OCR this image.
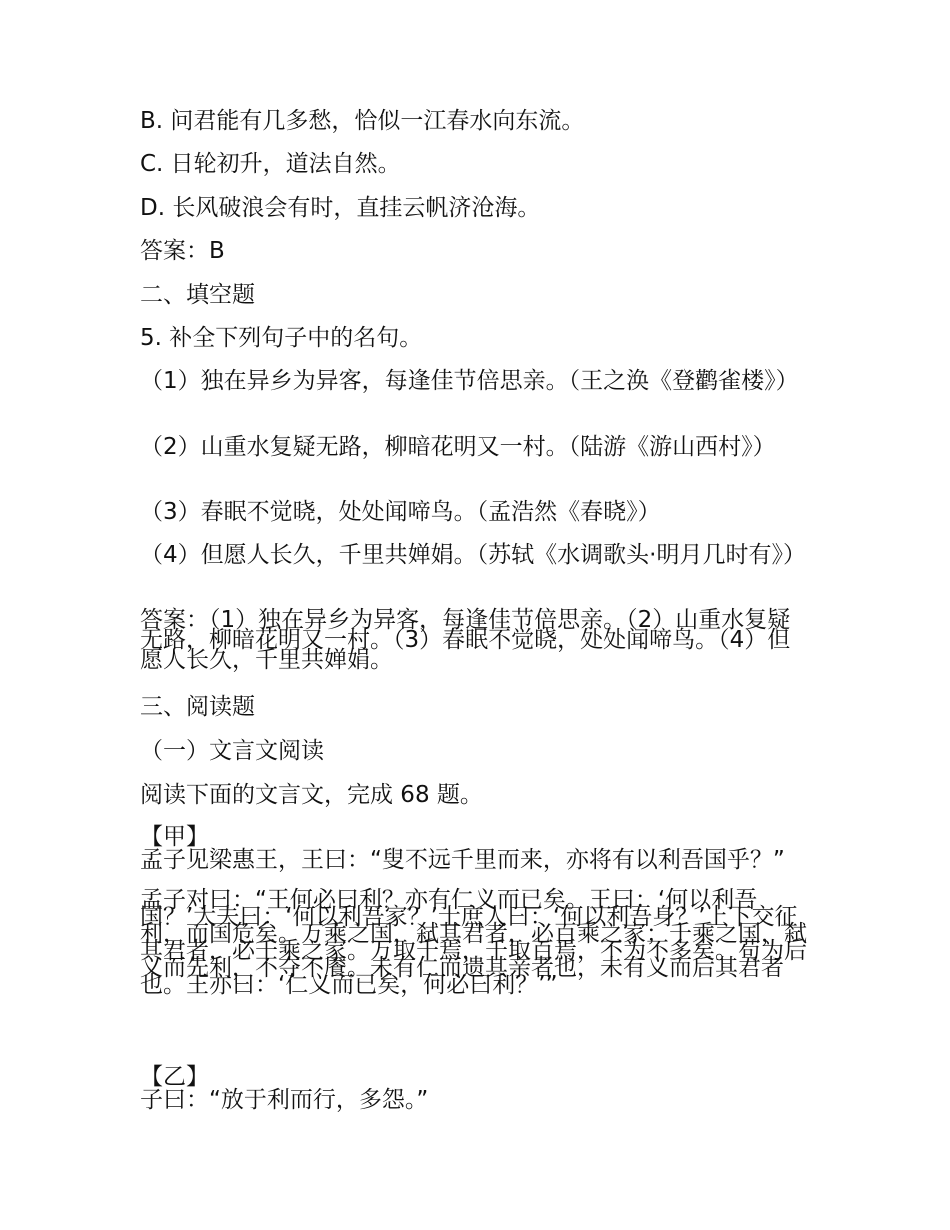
B. 问君能有几多愁，恰似一江春水向东流。

C. 日轮初升，道法自然。

D. 长风破浪会有时，直挂云帆济沧海。

答案：B

二、填空题

5. 补全下列句子中的名句。

（1）独在异乡为异客，每逢佳节倍思亲。（王之涣《登鹳雀楼》）

（2）山重水复疑无路，柳暗花明又一村。（陆游《游山西村》）

（3）春眠不觉晓，处处闻啼鸟。（孟浩然《春晓》）

（4）但愿人长久，千里共婵娟。（苏轼《水调歌头·明月几时有》）

答案：（1）独在异乡为异客，每逢佳节倍思亲。（2）山重水复疑无路，柳暗花明又一村。（3）春眠不觉晓，处处闻啼鸟。（4）但愿人长久，千里共婵娟。

三、阅读题

（一）文言文阅读

阅读下面的文言文，完成 68 题。

【甲】

孟子见梁惠王，王曰：“叟不远千里而来，亦将有以利吾国乎？”

孟子对曰：“王何必曰利？亦有仁义而已矣。王曰：‘何以利吾国？’大夫曰：‘何以利吾家？’士庶人曰：‘何以利吾身？’上下交征利，而国危矣。万乘之国，弑其君者，必百乘之家；千乘之国，弑其君者，必千乘之家。万取千焉，千取百焉，不为不多矣。苟为后义而先利，不夺不餍。未有仁而遗其亲者也，未有义而后其君者也。王亦曰：‘仁义而已矣，何必曰利？’”

【乙】

子曰：“放于利而行，多怨。”
